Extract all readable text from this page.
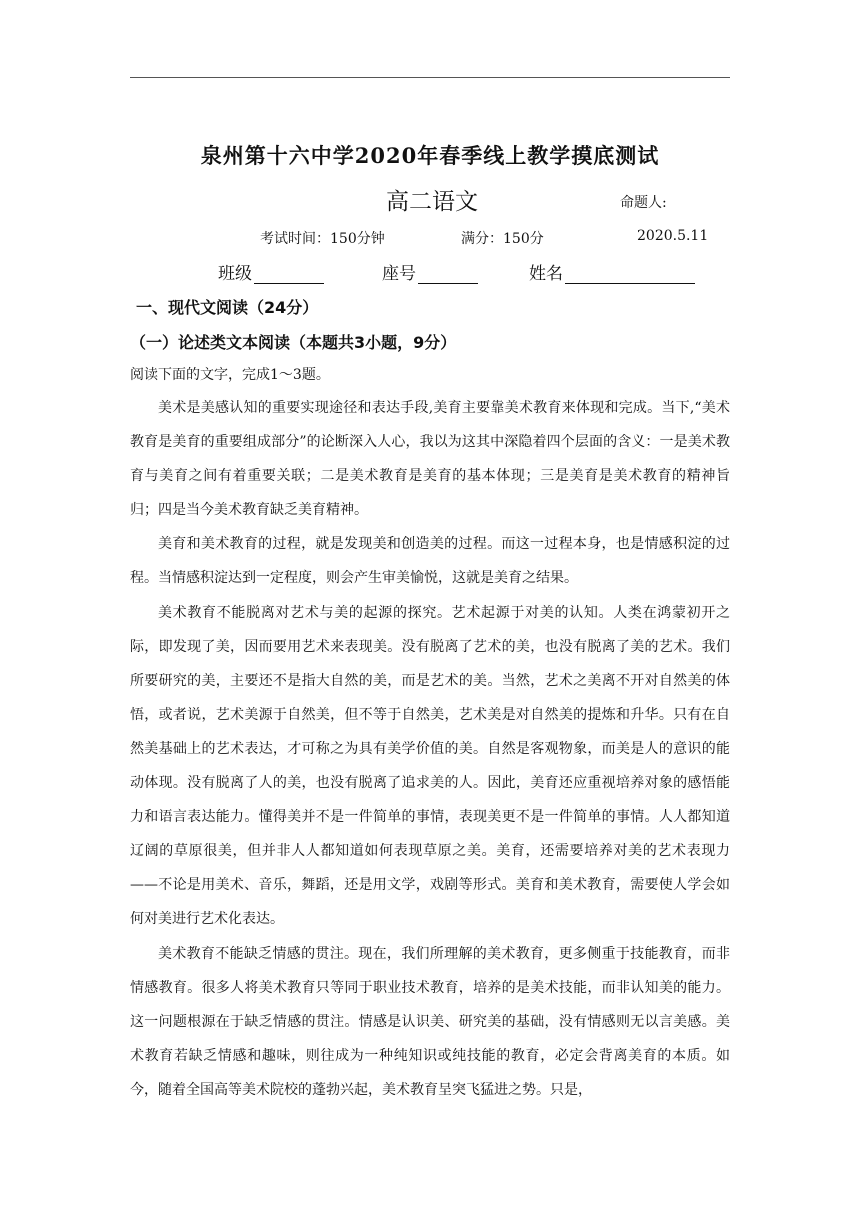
泉州第十六中学2020年春季线上教学摸底测试
高二语文	命题人:
考试时间：150分钟	满分：150分	2020.5.11
班级	座号	姓名
一、现代文阅读（24分）
（一）论述类文本阅读（本题共3小题，9分）
阅读下面的文字，完成1～3题。

美术是美感认知的重要实现途径和表达手段,美育主要靠美术教育来体现和完成。当下,“美术教育是美育的重要组成部分”的论断深入人心，我以为这其中深隐着四个层面的含义：一是美术教育与美育之间有着重要关联；二是美术教育是美育的基本体现；三是美育是美术教育的精神旨归；四是当今美术教育缺乏美育精神。

美育和美术教育的过程，就是发现美和创造美的过程。而这一过程本身，也是情感积淀的过程。当情感积淀达到一定程度，则会产生审美愉悦，这就是美育之结果。

美术教育不能脱离对艺术与美的起源的探究。艺术起源于对美的认知。人类在鸿蒙初开之际，即发现了美，因而要用艺术来表现美。没有脱离了艺术的美，也没有脱离了美的艺术。我们所要研究的美，主要还不是指大自然的美，而是艺术的美。当然，艺术之美离不开对自然美的体悟，或者说，艺术美源于自然美，但不等于自然美，艺术美是对自然美的提炼和升华。只有在自然美基础上的艺术表达，才可称之为具有美学价值的美。自然是客观物象，而美是人的意识的能动体现。没有脱离了人的美，也没有脱离了追求美的人。因此，美育还应重视培养对象的感悟能力和语言表达能力。懂得美并不是一件简单的事情，表现美更不是一件简单的事情。人人都知道辽阔的草原很美，但并非人人都知道如何表现草原之美。美育，还需要培养对美的艺术表现力——不论是用美术、音乐，舞蹈，还是用文学，戏剧等形式。美育和美术教育，需要使人学会如何对美进行艺术化表达。

美术教育不能缺乏情感的贯注。现在，我们所理解的美术教育，更多侧重于技能教育，而非情感教育。很多人将美术教育只等同于职业技术教育，培养的是美术技能，而非认知美的能力。这一问题根源在于缺乏情感的贯注。情感是认识美、研究美的基础，没有情感则无以言美感。美术教育若缺乏情感和趣味，则往成为一种纯知识或纯技能的教育，必定会背离美育的本质。如今，随着全国高等美术院校的蓬勃兴起，美术教育呈突飞猛进之势。只是，
